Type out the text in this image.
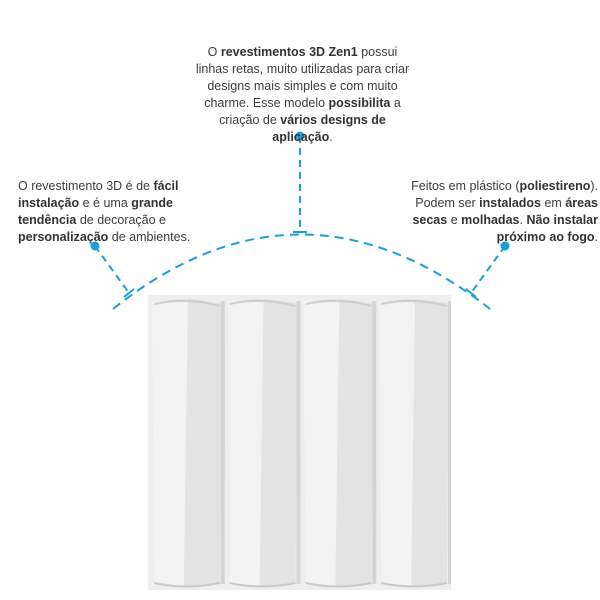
O revestimentos 3D Zen1 possui linhas retas, muito utilizadas para criar designs mais simples e com muito charme. Esse modelo possibilita a criação de vários designs de aplicação.
O revestimento 3D é de fácil instalação e é uma grande tendência de decoração e personalização de ambientes.
Feitos em plástico (poliestireno). Podem ser instalados em áreas secas e molhadas. Não instalar próximo ao fogo.
